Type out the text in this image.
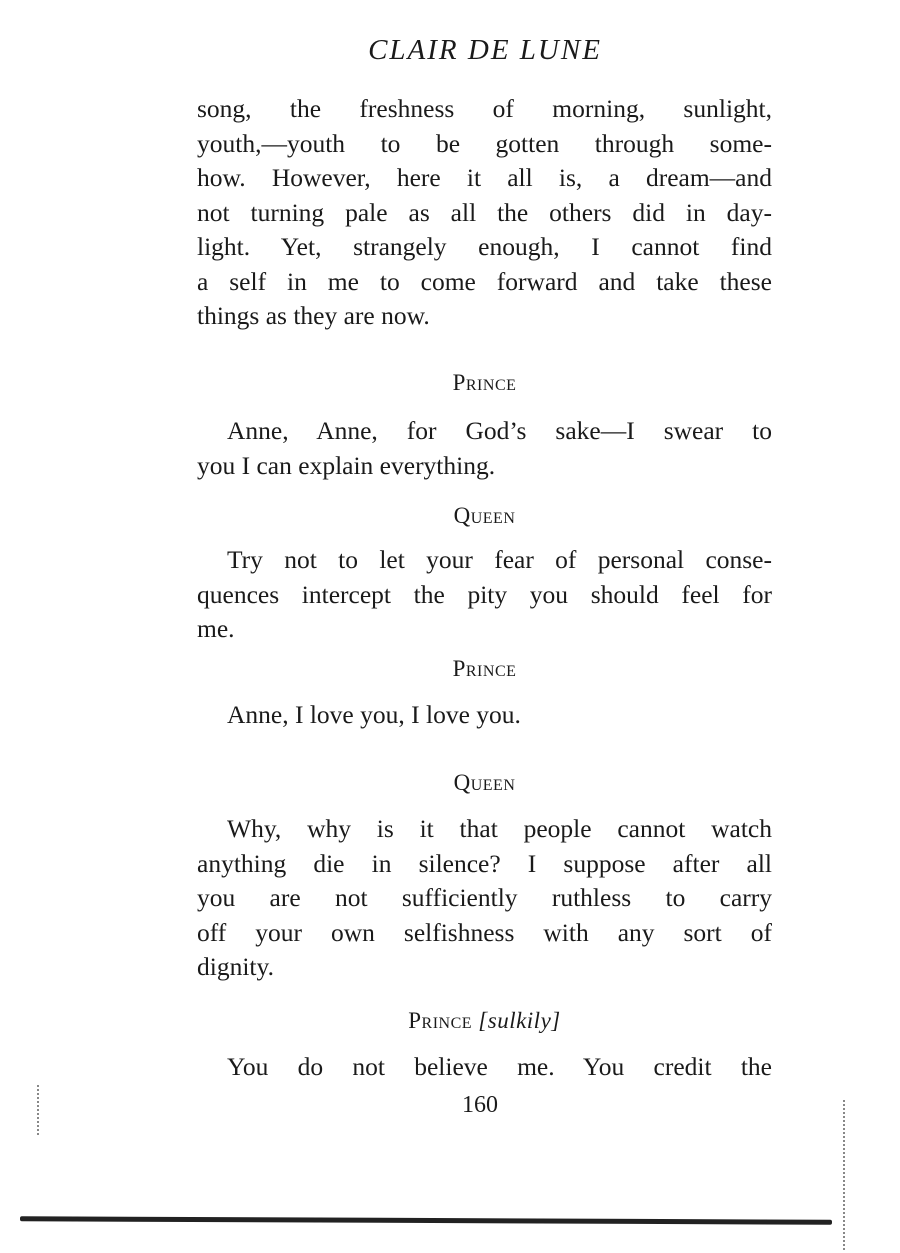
CLAIR DE LUNE
song, the freshness of morning, sunlight,
youth,—youth to be gotten through some-
how. However, here it all is, a dream—and
not turning pale as all the others did in day-
light. Yet, strangely enough, I cannot find
a self in me to come forward and take these
things as they are now.
Prince
Anne, Anne, for God’s sake—I swear to
you I can explain everything.
Queen
Try not to let your fear of personal conse-
quences intercept the pity you should feel for
me.
Prince
Anne, I love you, I love you.
Queen
Why, why is it that people cannot watch
anything die in silence? I suppose after all
you are not sufficiently ruthless to carry
off your own selfishness with any sort of
dignity.
Prince [sulkily]
You do not believe me. You credit the
160
